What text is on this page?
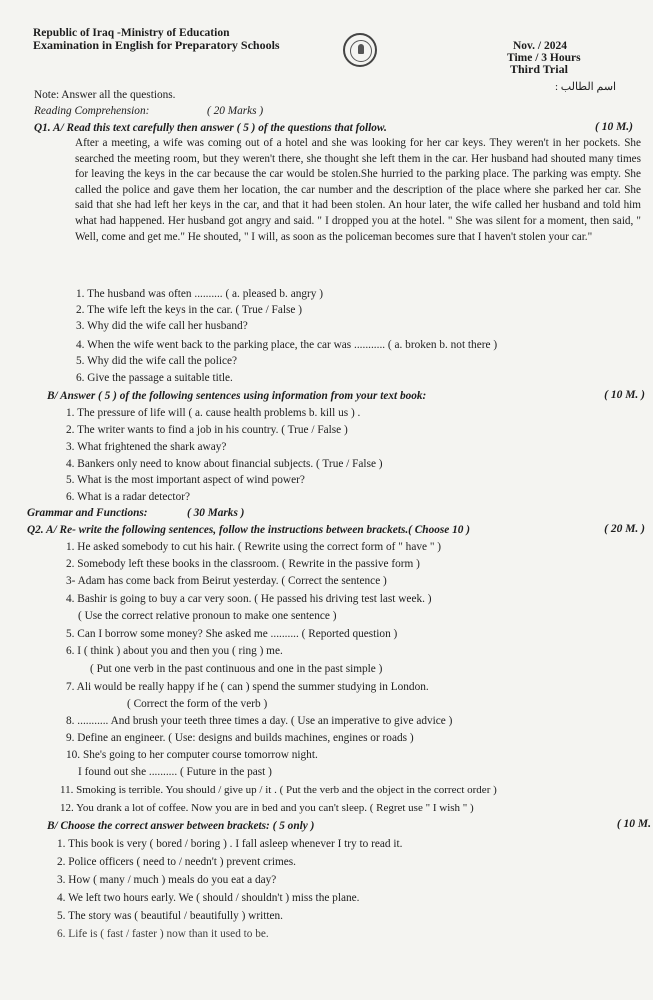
Republic of Iraq -Ministry of Education
Examination in English for Preparatory Schools	Nov. / 2024
Time / 3 Hours
Third Trial
اسم الطالب :
Note: Answer all the questions.
Reading Comprehension:	( 20 Marks )
Q1. A/ Read this text carefully then answer ( 5 ) of the questions that follow.	( 10 M.)
After a meeting, a wife was coming out of a hotel and she was looking for her car keys. They weren't in her pockets. She searched the meeting room, but they weren't there, she thought she left them in the car. Her husband had shouted many times for leaving the keys in the car because the car would be stolen.She hurried to the parking place. The parking was empty. She called the police and gave them her location, the car number and the description of the place where she parked her car. She said that she had left her keys in the car, and that it had been stolen. An hour later, the wife called her husband and told him what had happened. Her husband got angry and said. " I dropped you at the hotel. " She was silent for a moment, then said, " Well, come and get me." He shouted, " I will, as soon as the policeman becomes sure that I haven't stolen your car."
1. The husband was often .......... ( a. pleased b. angry )
2. The wife left the keys in the car. ( True / False )
3. Why did the wife call her husband?
4. When the wife went back to the parking place, the car was ........... ( a. broken b. not there )
5. Why did the wife call the police?
6. Give the passage a suitable title.
B/ Answer ( 5 ) of the following sentences using information from your text book:	( 10 M. )
1. The pressure of life will ( a. cause health problems b. kill us ) .
2. The writer wants to find a job in his country. ( True / False )
3. What frightened the shark away?
4. Bankers only need to know about financial subjects. ( True / False )
5. What is the most important aspect of wind power?
6. What is a radar detector?
Grammar and Functions:	( 30 Marks )
Q2. A/ Re- write the following sentences, follow the instructions between brackets.( Choose 10 )	( 20 M. )
1. He asked somebody to cut his hair. ( Rewrite using the correct form of " have " )
2. Somebody left these books in the classroom. ( Rewrite in the passive form )
3- Adam has come back from Beirut yesterday. ( Correct the sentence )
4. Bashir is going to buy a car very soon. ( He passed his driving test last week. )
( Use the correct relative pronoun to make one sentence )
5. Can I borrow some money? She asked me .......... ( Reported question )
6. I ( think ) about you and then you ( ring ) me.
( Put one verb in the past continuous and one in the past simple )
7. Ali would be really happy if he ( can ) spend the summer studying in London.
( Correct the form of the verb )
8. ........... And brush your teeth three times a day. ( Use an imperative to give advice )
9. Define an engineer. ( Use: designs and builds machines, engines or roads )
10. She's going to her computer course tomorrow night.
I found out she .......... ( Future in the past )
11. Smoking is terrible. You should / give up / it . ( Put the verb and the object in the correct order )
12. You drank a lot of coffee. Now you are in bed and you can't sleep. ( Regret use " I wish " )
B/ Choose the correct answer between brackets: ( 5 only )	( 10 M.
1. This book is very ( bored / boring ) . I fall asleep whenever I try to read it.
2. Police officers ( need to / needn't ) prevent crimes.
3. How ( many / much ) meals do you eat a day?
4. We left two hours early. We ( should / shouldn't ) miss the plane.
5. The story was ( beautiful / beautifully ) written.
6. Life is ( fast / faster ) now than it used to be.
